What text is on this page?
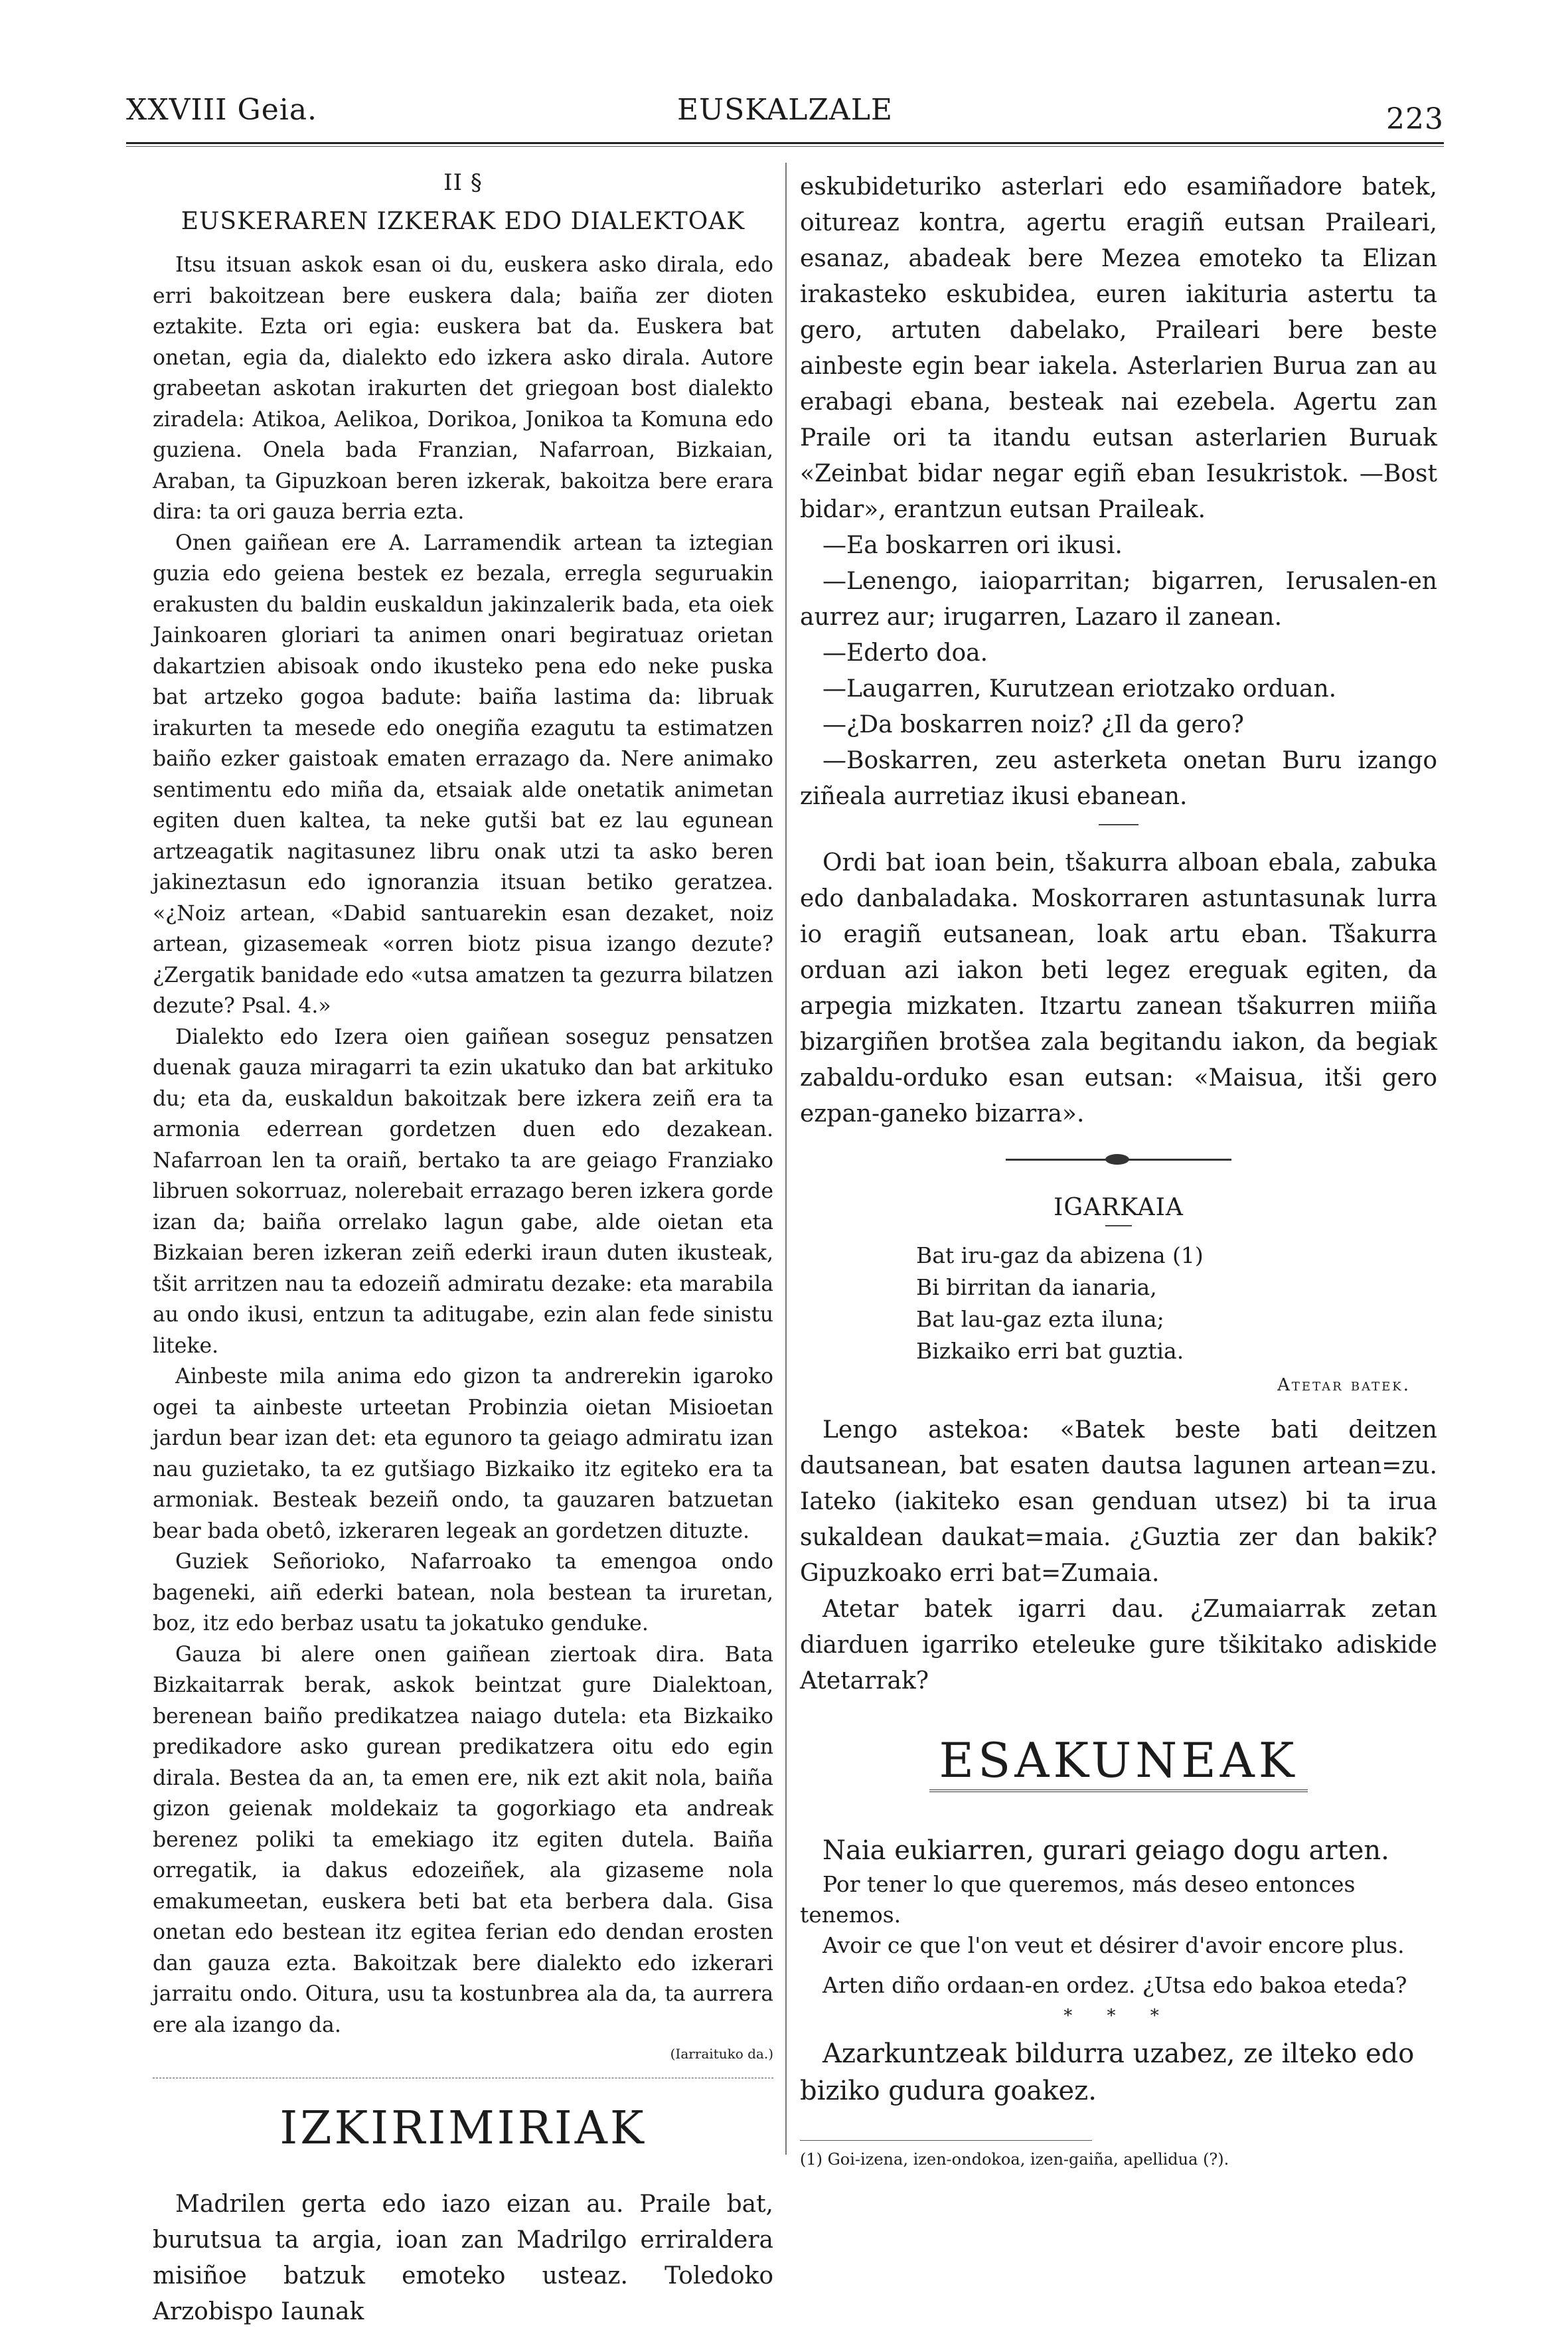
XXVIII Geia.	EUSKALZALE	223
II §
EUSKERAREN IZKERAK EDO DIALEKTOAK

Itsu itsuan askok esan oi du, euskera asko dirala, edo erri bakoitzean bere euskera dala; baiña zer dioten eztakite. Ezta ori egia: euskera bat da. Euskera bat onetan, egia da, dialekto edo izkera asko dirala. Autore grabeetan askotan irakurten det griegoan bost dialekto ziradela: Atikoa, Aelikoa, Dorikoa, Jonikoa ta Komuna edo guziena. Onela bada Franzian, Nafarroan, Bizkaian, Araban, ta Gipuzkoan beren izkerak, bakoitza bere erara dira: ta ori gauza berria ezta.

Onen gaiñean ere A. Larramendik artean ta iztegian guzia edo geiena bestek ez bezala, erregla seguruakin erakusten du baldin euskaldun jakinzalerik bada, eta oiek Jainkoaren gloriari ta animen onari begiratuaz orietan dakartzien abisoak ondo ikusteko pena edo neke puska bat artzeko gogoa badute: baiña lastima da: libruak irakurten ta mesede edo onegiña ezagutu ta estimatzen baiño ezker gaistoak ematen errazago da. Nere animako sentimentu edo miña da, etsaiak alde onetatik animetan egiten duen kaltea, ta neke gutši bat ez lau egunean artzeagatik nagitasunez libru onak utzi ta asko beren jakineztasun edo ignoranzia itsuan betiko geratzea. «¿Noiz artean, «Dabid santuarekin esan dezaket, noiz artean, gizasemeak «orren biotz pisua izango dezute? ¿Zergatik banidade edo «utsa amatzen ta gezurra bilatzen dezute? Psal. 4.»

Dialekto edo Izera oien gaiñean soseguz pensatzen duenak gauza miragarri ta ezin ukatuko dan bat arkituko du; eta da, euskaldun bakoitzak bere izkera zeiñ era ta armonia ederrean gordetzen duen edo dezakean. Nafarroan len ta oraiñ, bertako ta are geiago Franziako libruen sokorruaz, nolerebait errazago beren izkera gorde izan da; baiña orrelako lagun gabe, alde oietan eta Bizkaian beren izkeran zeiñ ederki iraun duten ikusteak, tšit arritzen nau ta edozeiñ admiratu dezake: eta marabila au ondo ikusi, entzun ta aditugabe, ezin alan fede sinistu liteke.

Ainbeste mila anima edo gizon ta andrerekin igaroko ogei ta ainbeste urteetan Probinzia oietan Misioetan jardun bear izan det: eta egunoro ta geiago admiratu izan nau guzietako, ta ez gutšiago Bizkaiko itz egiteko era ta armoniak. Besteak bezeiñ ondo, ta gauzaren batzuetan bear bada obetô, izkeraren legeak an gordetzen dituzte.

Guziek Señorioko, Nafarroako ta emengoa ondo bageneki, aiñ ederki batean, nola bestean ta iruretan, boz, itz edo berbaz usatu ta jokatuko genduke.

Gauza bi alere onen gaiñean ziertoak dira. Bata Bizkaitarrak berak, askok beintzat gure Dialektoan, berenean baiño predikatzea naiago dutela: eta Bizkaiko predikadore asko gurean predikatzera oitu edo egin dirala. Bestea da an, ta emen ere, nik ezt akit nola, baiña gizon geienak moldekaiz ta gogorkiago eta andreak berenez poliki ta emekiago itz egiten dutela. Baiña orregatik, ia dakus edozeiñek, ala gizaseme nola emakumeetan, euskera beti bat eta berbera dala. Gisa onetan edo bestean itz egitea ferian edo dendan erosten dan gauza ezta. Bakoitzak bere dialekto edo izkerari jarraitu ondo. Oitura, usu ta kostunbrea ala da, ta aurrera ere ala izango da.

(Iarraituko da.)

IZKIRIMIRIAK

Madrilen gerta edo iazo eizan au. Praile bat, burutsua ta argia, ioan zan Madrilgo erriraldera misiñoe batzuk emoteko usteaz. Toledoko Arzobispo Iaunak

eskubideturiko asterlari edo esamiñadore batek, oitureaz kontra, agertu eragiñ eutsan Praileari, esanaz, abadeak bere Mezea emoteko ta Elizan irakasteko eskubidea, euren iakituria astertu ta gero, artuten dabelako, Praileari bere beste ainbeste egin bear iakela. Asterlarien Burua zan au erabagi ebana, besteak nai ezebela. Agertu zan Praile ori ta itandu eutsan asterlarien Buruak «Zeinbat bidar negar egiñ eban Iesukristok. —Bost bidar», erantzun eutsan Praileak.

—Ea boskarren ori ikusi.

—Lenengo, iaioparritan; bigarren, Ierusalen-en aurrez aur; irugarren, Lazaro il zanean.

—Ederto doa.

—Laugarren, Kurutzean eriotzako orduan.

—¿Da boskarren noiz? ¿Il da gero?

—Boskarren, zeu asterketa onetan Buru izango ziñeala aurretiaz ikusi ebanean.

Ordi bat ioan bein, tšakurra alboan ebala, zabuka edo danbaladaka. Moskorraren astuntasunak lurra io eragiñ eutsanean, loak artu eban. Tšakurra orduan azi iakon beti legez ereguak egiten, da arpegia mizkaten. Itzartu zanean tšakurren miiña bizargiñen brotšea zala begitandu iakon, da begiak zabaldu-orduko esan eutsan: «Maisua, itši gero ezpan-ganeko bizarra».

IGARKAIA
Bat iru-gaz da abizena (1)
Bi birritan da ianaria,
Bat lau-gaz ezta iluna;
Bizkaiko erri bat guztia.
Atetar batek.

Lengo astekoa: «Batek beste bati deitzen dautsanean, bat esaten dautsa lagunen artean=zu. Iateko (iakiteko esan genduan utsez) bi ta irua sukaldean daukat=maia. ¿Guztia zer dan bakik? Gipuzkoako erri bat=Zumaia.

Atetar batek igarri dau. ¿Zumaiarrak zetan diarduen igarriko eteleuke gure tšikitako adiskide Atetarrak?

ESAKUNEAK

Naia eukiarren, gurari geiago dogu arten.

Por tener lo que queremos, más deseo entonces tenemos.

Avoir ce que l'on veut et désirer d'avoir encore plus.

Arten diño ordaan-en ordez. ¿Utsa edo bakoa eteda?

* * *

Azarkuntzeak bildurra uzabez, ze ilteko edo biziko gudura goakez.

(1) Goi-izena, izen-ondokoa, izen-gaiña, apellidua (?).
